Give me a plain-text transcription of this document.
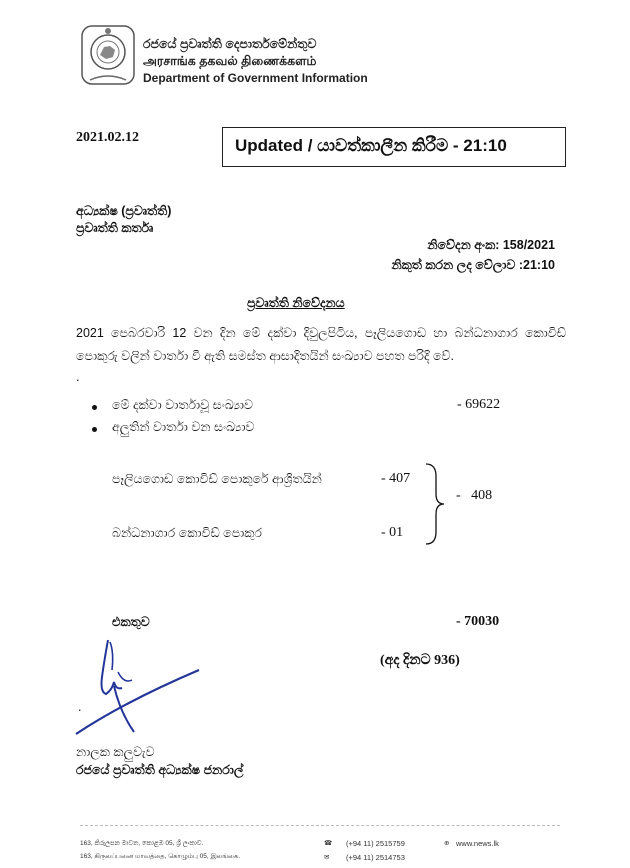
රජයේ ප්‍රවෘත්ති දෙපාර්තමේන්තුව
அரசாங்க தகவல் திணைக்களம்
Department of Government Information
2021.02.12	Updated / යාවත්කාලීන කිරීම - 21:10
අධ්‍යක්ෂ (ප්‍රවෘත්ති)
ප්‍රවෘත්ති කර්තෘ
නිවේදන අංක: 158/2021
නිකුත් කරන ලද වේලාව :21:10
ප්‍රවෘත්ති නිවේදනය
2021 පෙබරවාරි 12 වන දින මේ දක්වා දිවුලපිටිය, පෑලියගොඩ හා බන්ධනාගාර කොවිඩ් පොකුරු වලින් වාර්තා වී ඇති සමස්ත ආසාදිතයින් සංඛ්‍යාව පහත පරිදි වේ.
.
මේ දක්වා වාර්තාවූ සංඛ්‍යාව	- 69622
අලුතින් වාර්තා වන සංඛ්‍යාව
පෑලියගොඩ කොවිඩ් පොකුරේ ආශ්‍රිතයින්	- 407
බන්ධනාගාර කොවිඩ් පොකුර	- 01
-   408
එකතුව	- 70030
(අද දිනට 936)
.
නාලක කලුවැව
රජයේ ප්‍රවෘත්ති අධ්‍යක්ෂ ජනරාල්
163, කිරුලපන මාවත, කොළඹ 05, ශ්‍රී ලංකාව.
163, கிருலப்பனை மாவத்தை, கொழும்பு 05, இலங்கை.
☎ (+94 11) 2515759
✉ (+94 11) 2514753
⊕ www.news.lk
